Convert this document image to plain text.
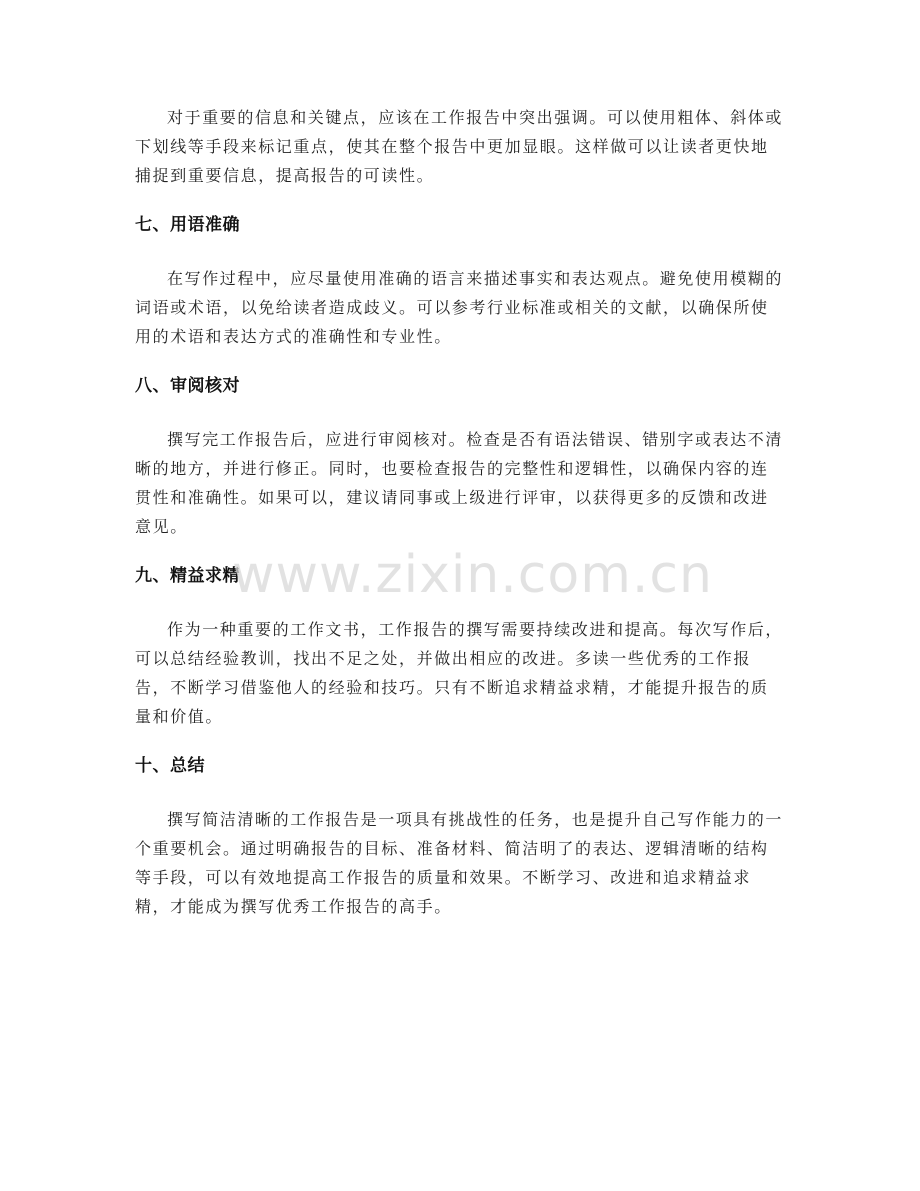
对于重要的信息和关键点，应该在工作报告中突出强调。可以使用粗体、斜体或下划线等手段来标记重点，使其在整个报告中更加显眼。这样做可以让读者更快地捕捉到重要信息，提高报告的可读性。

七、用语准确

在写作过程中，应尽量使用准确的语言来描述事实和表达观点。避免使用模糊的词语或术语，以免给读者造成歧义。可以参考行业标准或相关的文献，以确保所使用的术语和表达方式的准确性和专业性。

八、审阅核对

撰写完工作报告后，应进行审阅核对。检查是否有语法错误、错别字或表达不清晰的地方，并进行修正。同时，也要检查报告的完整性和逻辑性，以确保内容的连贯性和准确性。如果可以，建议请同事或上级进行评审，以获得更多的反馈和改进意见。

九、精益求精

作为一种重要的工作文书，工作报告的撰写需要持续改进和提高。每次写作后，可以总结经验教训，找出不足之处，并做出相应的改进。多读一些优秀的工作报告，不断学习借鉴他人的经验和技巧。只有不断追求精益求精，才能提升报告的质量和价值。

十、总结

撰写简洁清晰的工作报告是一项具有挑战性的任务，也是提升自己写作能力的一个重要机会。通过明确报告的目标、准备材料、简洁明了的表达、逻辑清晰的结构等手段，可以有效地提高工作报告的质量和效果。不断学习、改进和追求精益求精，才能成为撰写优秀工作报告的高手。

www.zixin.com.cn
